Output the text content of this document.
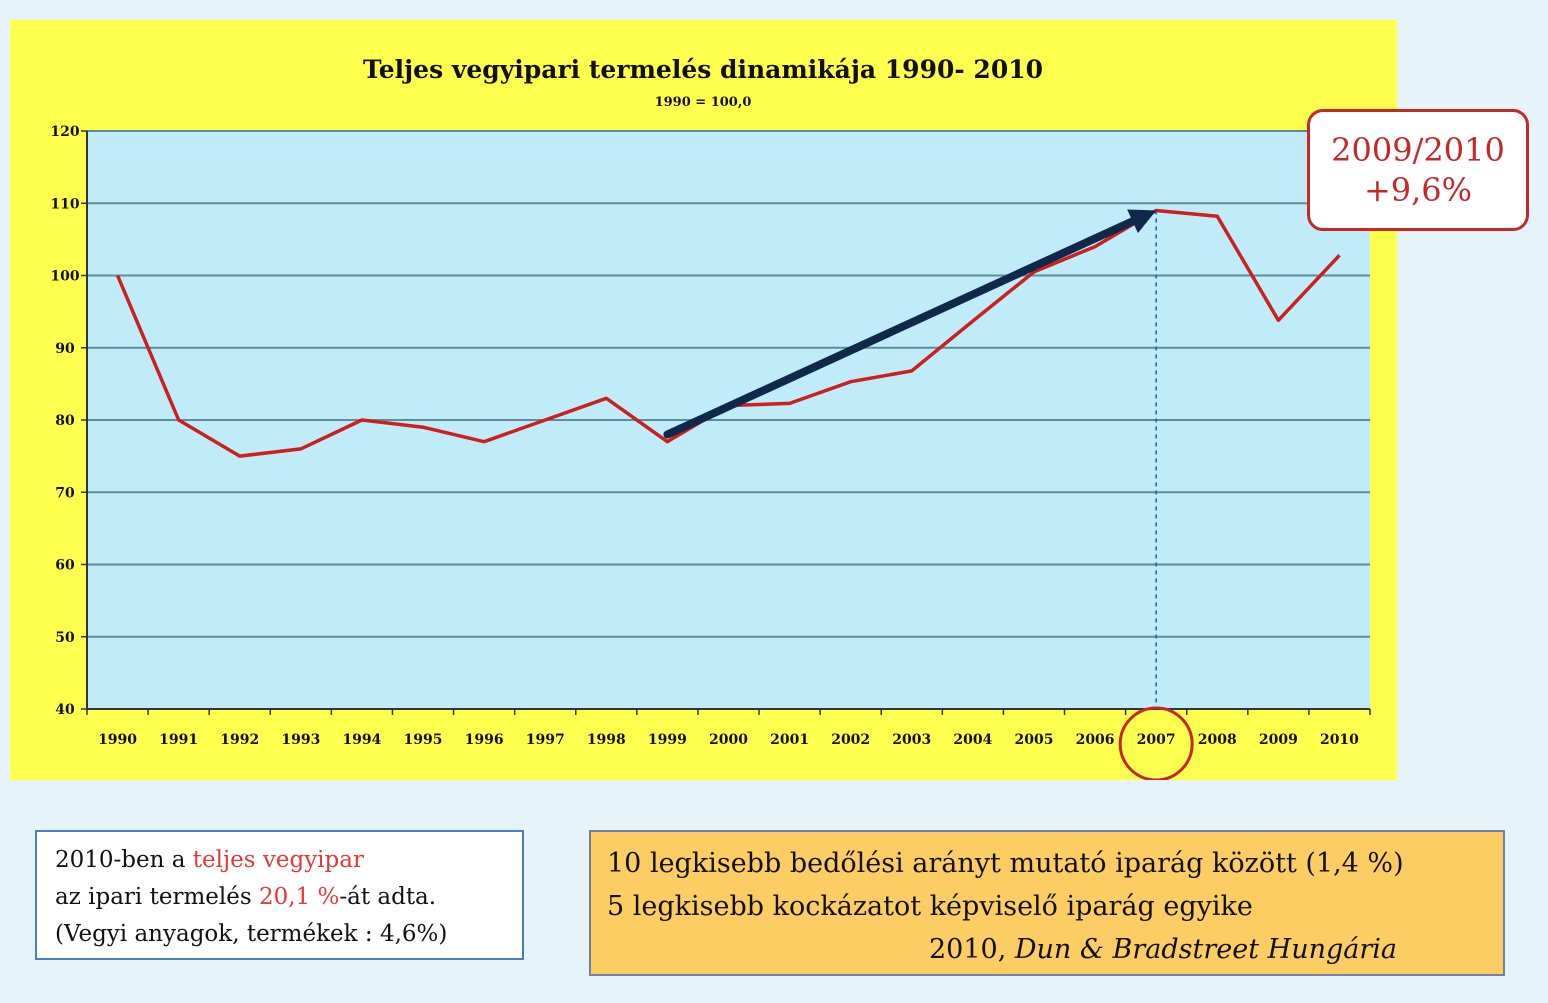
Teljes vegyipari termelés dinamikája 1990- 2010
1990 = 100,0
40
50
60
70
80
90
100
110
120
1990 1991 1992 1993 1994 1995 1996 1997 1998 1999 2000 2001 2002 2003 2004 2005 2006 2007 2008 2009 2010
2009/2010
+9,6%
2010-ben a teljes vegyipar
az ipari termelés 20,1 %-át adta.
(Vegyi anyagok, termékek : 4,6%)
10 legkisebb bedőlési arányt mutató iparág között (1,4 %)
5 legkisebb kockázatot képviselő iparág egyike
2010, Dun & Bradstreet Hungária
